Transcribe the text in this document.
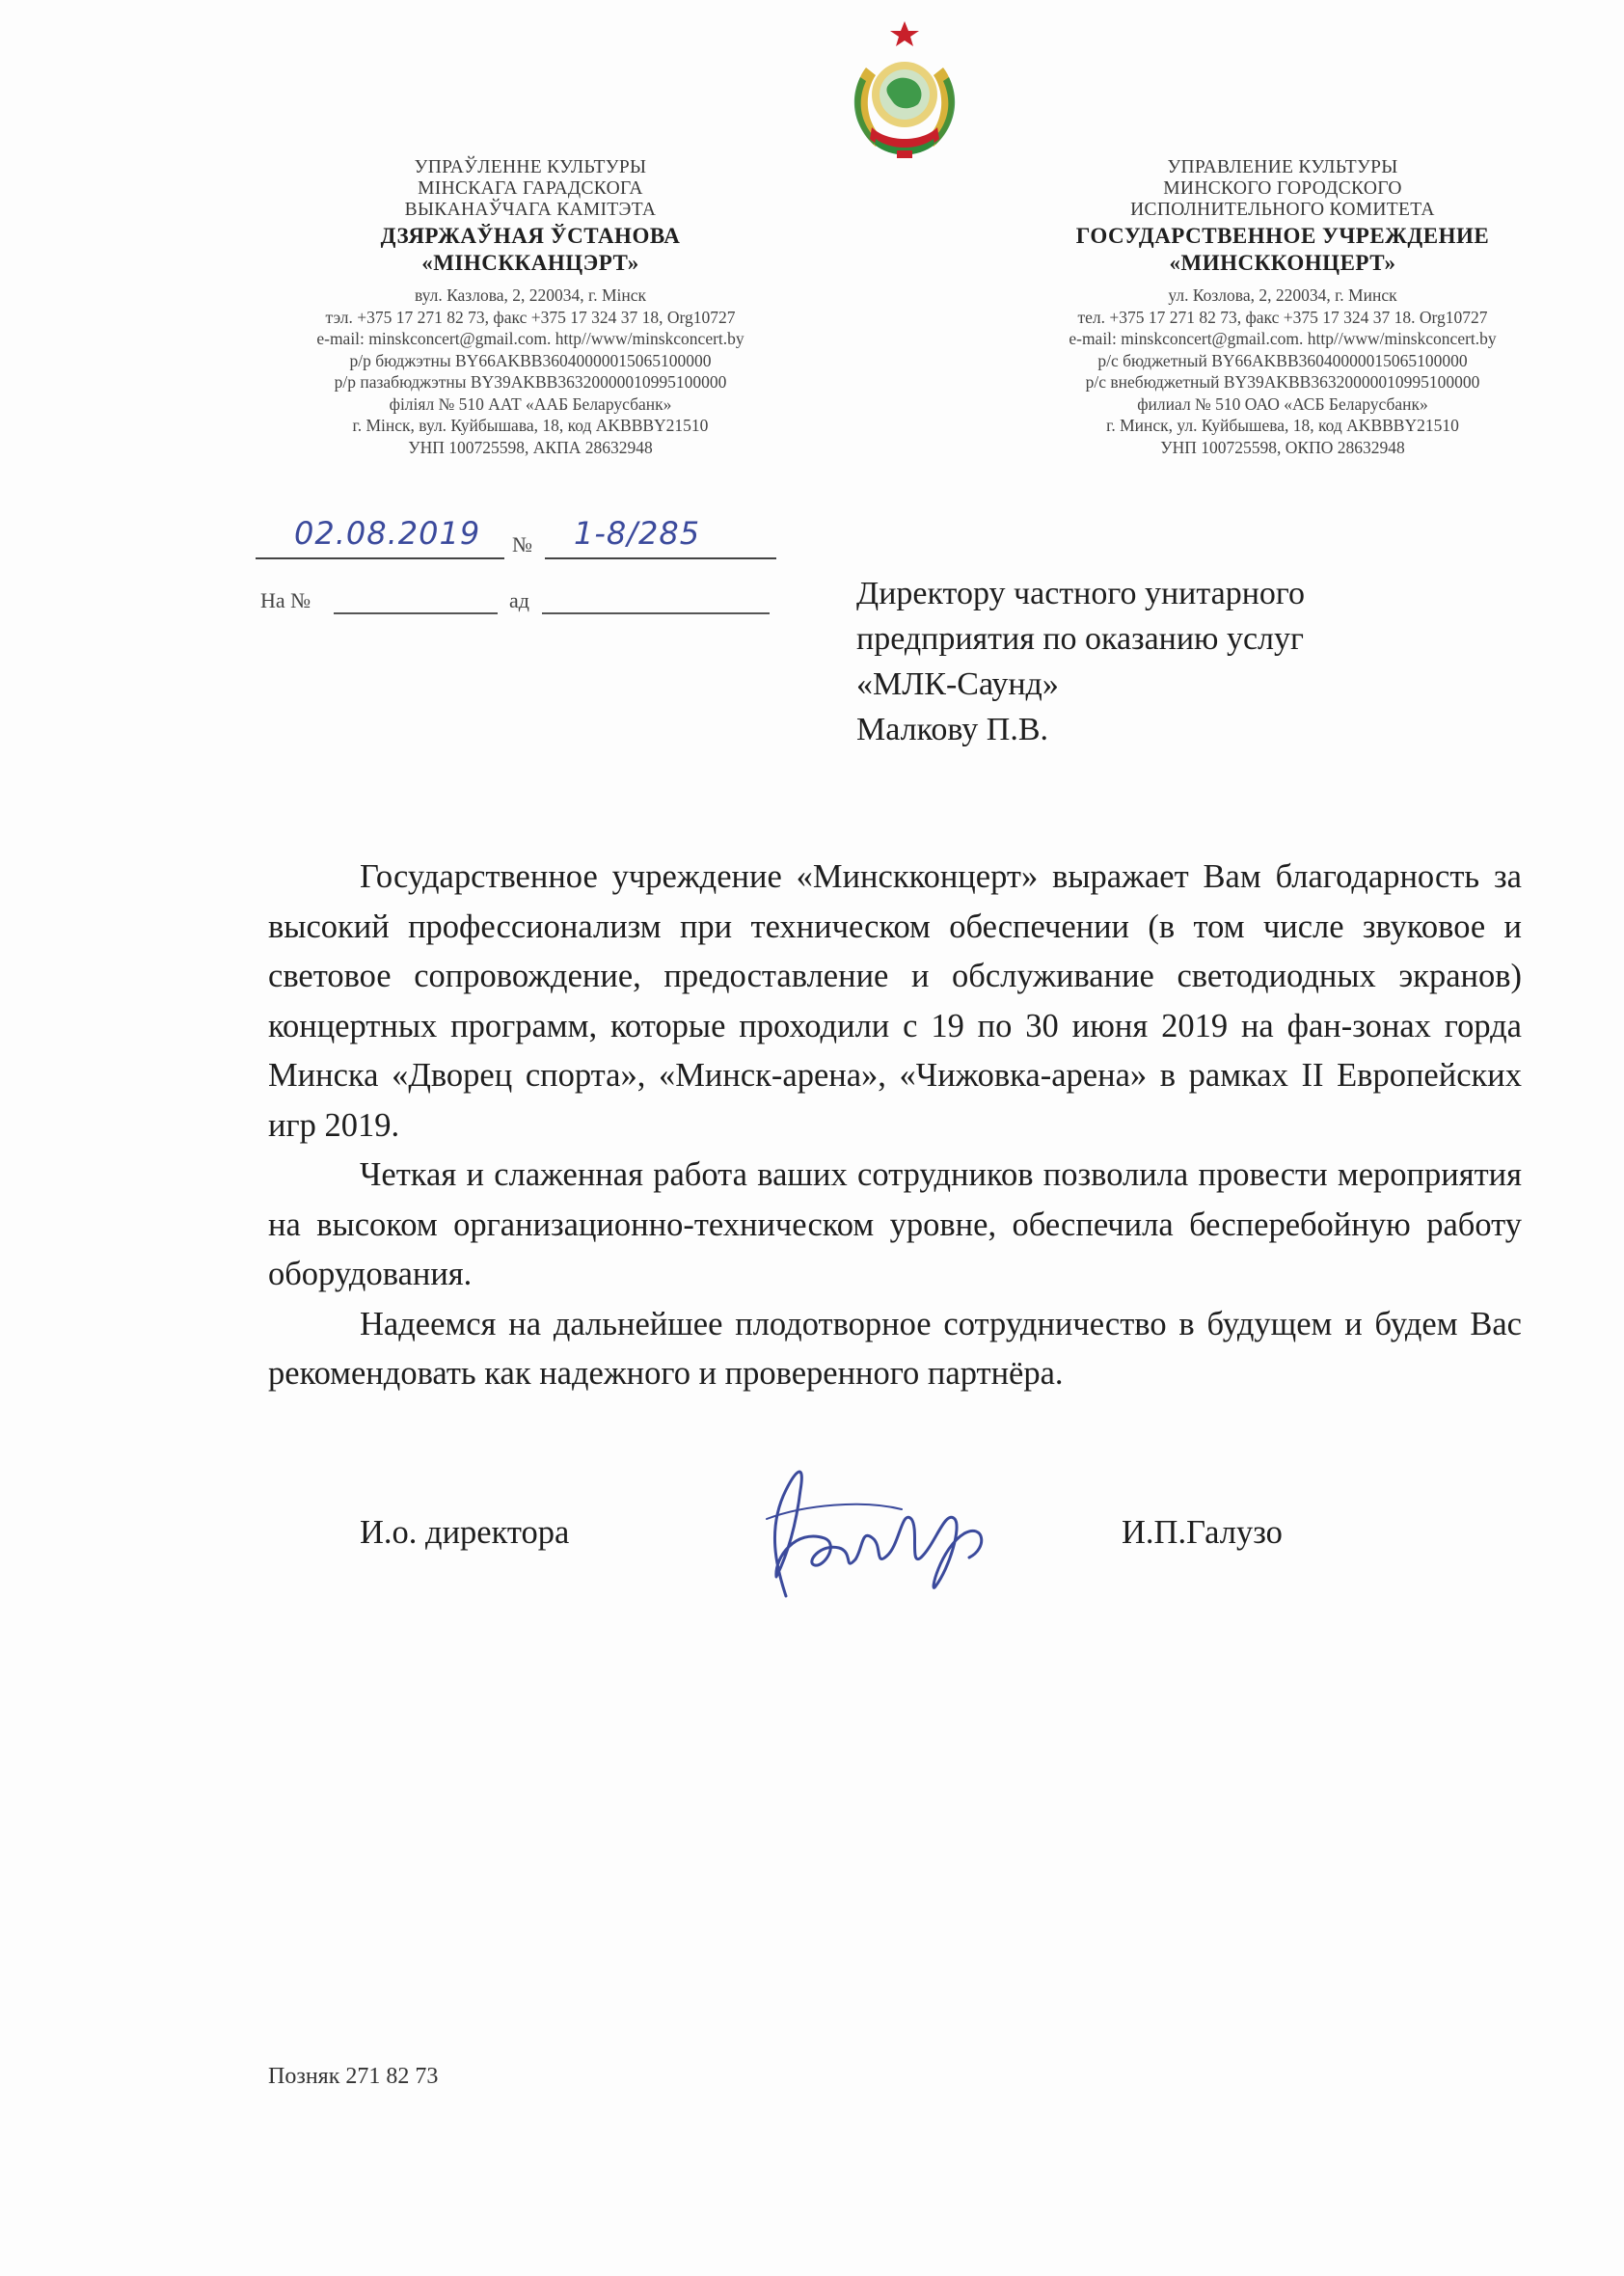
УПРАЎЛЕННЕ КУЛЬТУРЫ
МІНСКАГА ГАРАДСКОГА
ВЫКАНАЎЧАГА КАМІТЭТА
ДЗЯРЖАЎНАЯ ЎСТАНОВА
«МІНСККАНЦЭРТ»
вул. Казлова, 2, 220034, г. Мінск
тэл. +375 17 271 82 73, факс +375 17 324 37 18, Org10727
e-mail: minskconcert@gmail.com. http//www/minskconcert.by
р/р бюджэтны BY66AKBB36040000015065100000
р/р пазабюджэтны BY39AKBB36320000010995100000
філіял № 510 ААТ «ААБ Беларусбанк»
г. Мінск, вул. Куйбышава, 18, код AKBBBY21510
УНП 100725598, АКПА 28632948
УПРАВЛЕНИЕ КУЛЬТУРЫ
МИНСКОГО ГОРОДСКОГО
ИСПОЛНИТЕЛЬНОГО КОМИТЕТА
ГОСУДАРСТВЕННОЕ УЧРЕЖДЕНИЕ
«МИНСККОНЦЕРТ»
ул. Козлова, 2, 220034, г. Минск
тел. +375 17 271 82 73, факс +375 17 324 37 18. Org10727
e-mail: minskconcert@gmail.com. http//www/minskconcert.by
р/с бюджетный BY66AKBB36040000015065100000
р/с внебюджетный BY39AKBB36320000010995100000
филиал № 510 ОАО «АСБ Беларусбанк»
г. Минск, ул. Куйбышева, 18, код AKBBBY21510
УНП 100725598, ОКПО 28632948
02.08.2019 № 1-8/285
На №	ад	Директору частного унитарного
предприятия по оказанию услуг
«МЛК-Саунд»
Малкову П.В.

Государственное учреждение «Минскконцерт» выражает Вам благодарность за высокий профессионализм при техническом обеспечении (в том числе звуковое и световое сопровождение, предоставление и обслуживание светодиодных экранов) концертных программ, которые проходили с 19 по 30 июня 2019 на фан-зонах горда Минска «Дворец спорта», «Минск-арена», «Чижовка-арена» в рамках II Европейских игр 2019.

Четкая и слаженная работа ваших сотрудников позволила провести мероприятия на высоком организационно-техническом уровне, обеспечила бесперебойную работу оборудования.

Надеемся на дальнейшее плодотворное сотрудничество в будущем и будем Вас рекомендовать как надежного и проверенного партнёра.

И.о. директора	И.П.Галузо
Позняк 271 82 73
